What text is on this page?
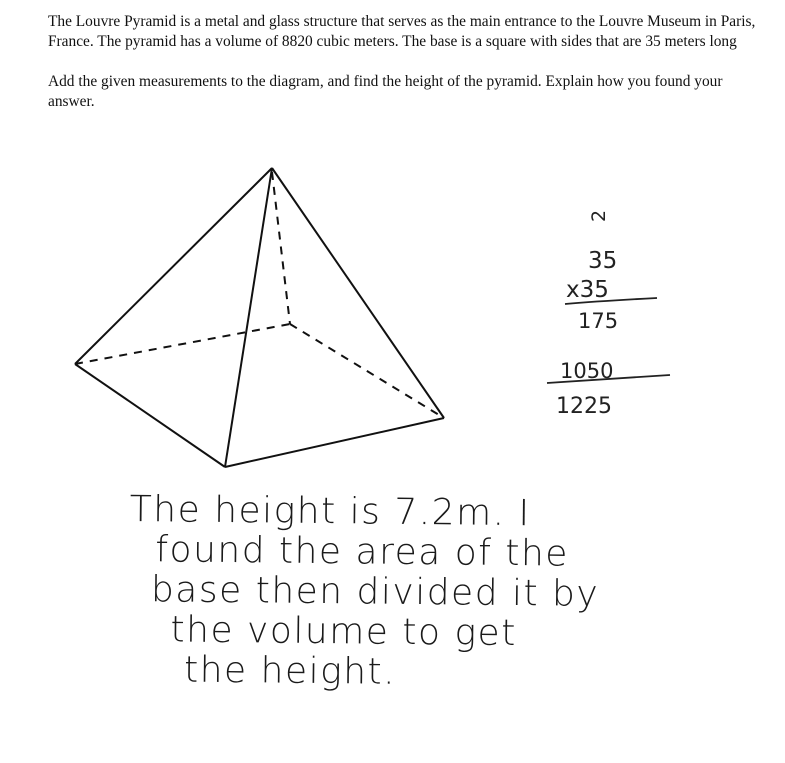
The Louvre Pyramid is a metal and glass structure that serves as the main entrance to the Louvre Museum in Paris, France. The pyramid has a volume of 8820 cubic meters. The base is a square with sides that are 35 meters long

Add the given measurements to the diagram, and find the height of the pyramid. Explain how you found your answer.

2
35
x35
175
1050
1225
The height is 7.2m. I
found the area of the
base then divided it by
the volume to get
the height.
